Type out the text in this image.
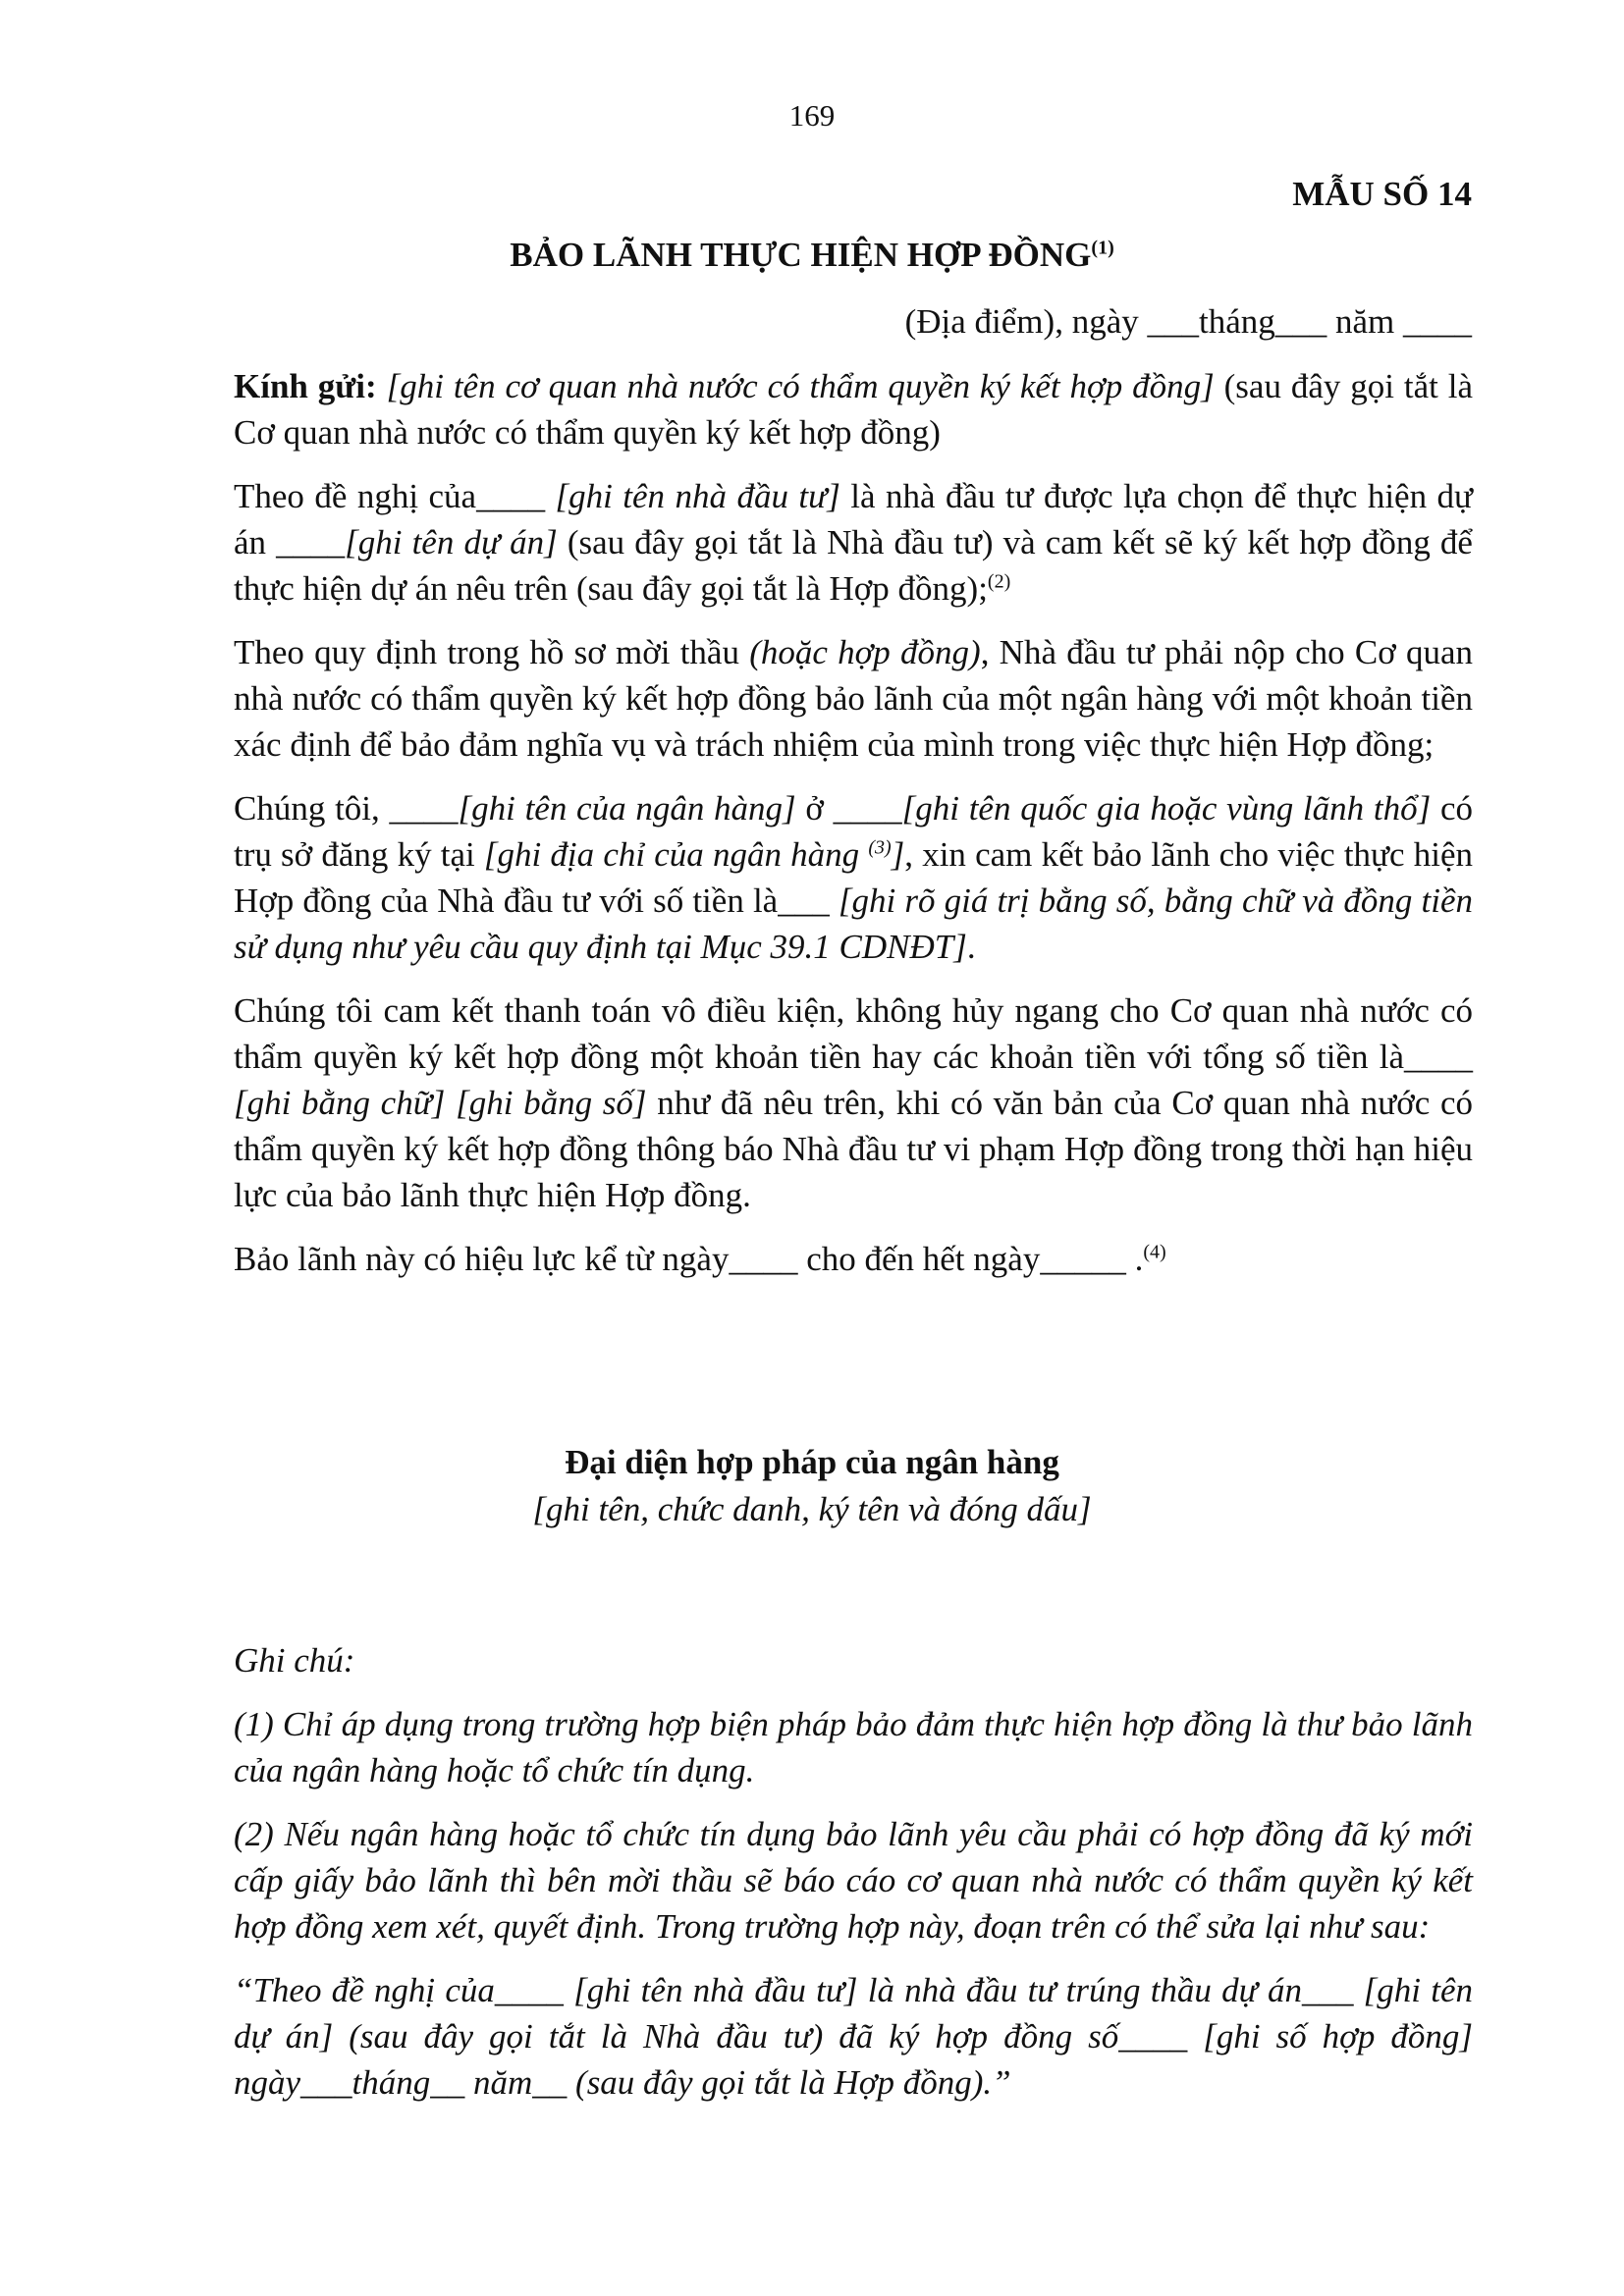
169
MẪU SỐ 14
BẢO LÃNH THỰC HIỆN HỢP ĐỒNG$^{(1)}$
(Địa điểm), ngày ___tháng___ năm ____

Kính gửi: [ghi tên cơ quan nhà nước có thẩm quyền ký kết hợp đồng] (sau đây gọi tắt là Cơ quan nhà nước có thẩm quyền ký kết hợp đồng)

Theo đề nghị của____ [ghi tên nhà đầu tư] là nhà đầu tư được lựa chọn để thực hiện dự án ____[ghi tên dự án] (sau đây gọi tắt là Nhà đầu tư) và cam kết sẽ ký kết hợp đồng để thực hiện dự án nêu trên (sau đây gọi tắt là Hợp đồng);$^{(2)}$

Theo quy định trong hồ sơ mời thầu (hoặc hợp đồng), Nhà đầu tư phải nộp cho Cơ quan nhà nước có thẩm quyền ký kết hợp đồng bảo lãnh của một ngân hàng với một khoản tiền xác định để bảo đảm nghĩa vụ và trách nhiệm của mình trong việc thực hiện Hợp đồng;

Chúng tôi, ____[ghi tên của ngân hàng] ở ____[ghi tên quốc gia hoặc vùng lãnh thổ] có trụ sở đăng ký tại [ghi địa chỉ của ngân hàng $^{(3)}$], xin cam kết bảo lãnh cho việc thực hiện Hợp đồng của Nhà đầu tư với số tiền là___ [ghi rõ giá trị bằng số, bằng chữ và đồng tiền sử dụng như yêu cầu quy định tại Mục 39.1 CDNĐT].

Chúng tôi cam kết thanh toán vô điều kiện, không hủy ngang cho Cơ quan nhà nước có thẩm quyền ký kết hợp đồng một khoản tiền hay các khoản tiền với tổng số tiền là____ [ghi bằng chữ] [ghi bằng số] như đã nêu trên, khi có văn bản của Cơ quan nhà nước có thẩm quyền ký kết hợp đồng thông báo Nhà đầu tư vi phạm Hợp đồng trong thời hạn hiệu lực của bảo lãnh thực hiện Hợp đồng.

Bảo lãnh này có hiệu lực kể từ ngày____ cho đến hết ngày_____ .$^{(4)}$

Đại diện hợp pháp của ngân hàng
[ghi tên, chức danh, ký tên và đóng dấu]

Ghi chú:

(1) Chỉ áp dụng trong trường hợp biện pháp bảo đảm thực hiện hợp đồng là thư bảo lãnh của ngân hàng hoặc tổ chức tín dụng.

(2) Nếu ngân hàng hoặc tổ chức tín dụng bảo lãnh yêu cầu phải có hợp đồng đã ký mới cấp giấy bảo lãnh thì bên mời thầu sẽ báo cáo cơ quan nhà nước có thẩm quyền ký kết hợp đồng xem xét, quyết định. Trong trường hợp này, đoạn trên có thể sửa lại như sau:

“Theo đề nghị của____ [ghi tên nhà đầu tư] là nhà đầu tư trúng thầu dự án___ [ghi tên dự án] (sau đây gọi tắt là Nhà đầu tư) đã ký hợp đồng số____ [ghi số hợp đồng] ngày___tháng__ năm__ (sau đây gọi tắt là Hợp đồng).”
